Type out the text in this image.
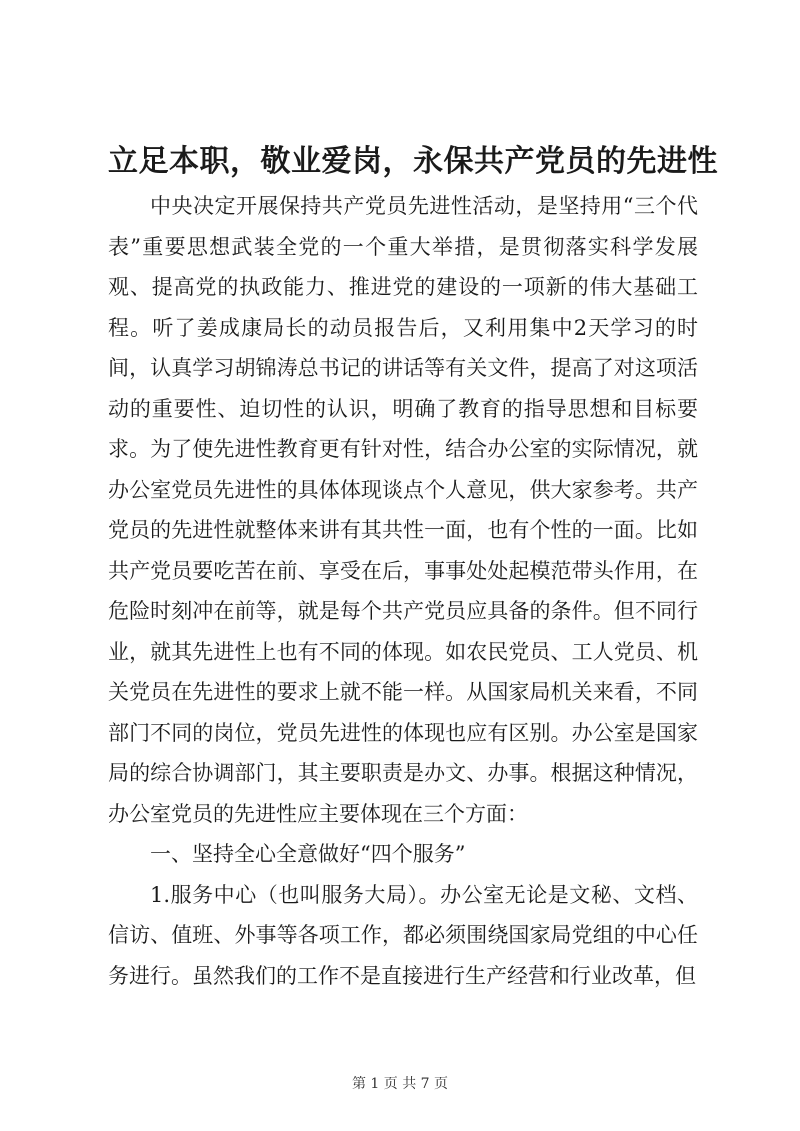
立足本职，敬业爱岗，永保共产党员的先进性

中央决定开展保持共产党员先进性活动，是坚持用“三个代表”重要思想武装全党的一个重大举措，是贯彻落实科学发展观、提高党的执政能力、推进党的建设的一项新的伟大基础工程。听了姜成康局长的动员报告后，又利用集中2天学习的时间，认真学习胡锦涛总书记的讲话等有关文件，提高了对这项活动的重要性、迫切性的认识，明确了教育的指导思想和目标要求。为了使先进性教育更有针对性，结合办公室的实际情况，就办公室党员先进性的具体体现谈点个人意见，供大家参考。共产党员的先进性就整体来讲有其共性一面，也有个性的一面。比如共产党员要吃苦在前、享受在后，事事处处起模范带头作用，在危险时刻冲在前等，就是每个共产党员应具备的条件。但不同行业，就其先进性上也有不同的体现。如农民党员、工人党员、机关党员在先进性的要求上就不能一样。从国家局机关来看，不同部门不同的岗位，党员先进性的体现也应有区别。办公室是国家局的综合协调部门，其主要职责是办文、办事。根据这种情况，办公室党员的先进性应主要体现在三个方面：

一、坚持全心全意做好“四个服务”

1.服务中心（也叫服务大局）。办公室无论是文秘、文档、信访、值班、外事等各项工作，都必须围绕国家局党组的中心任务进行。虽然我们的工作不是直接进行生产经营和行业改革，但

第 1 页 共 7 页
